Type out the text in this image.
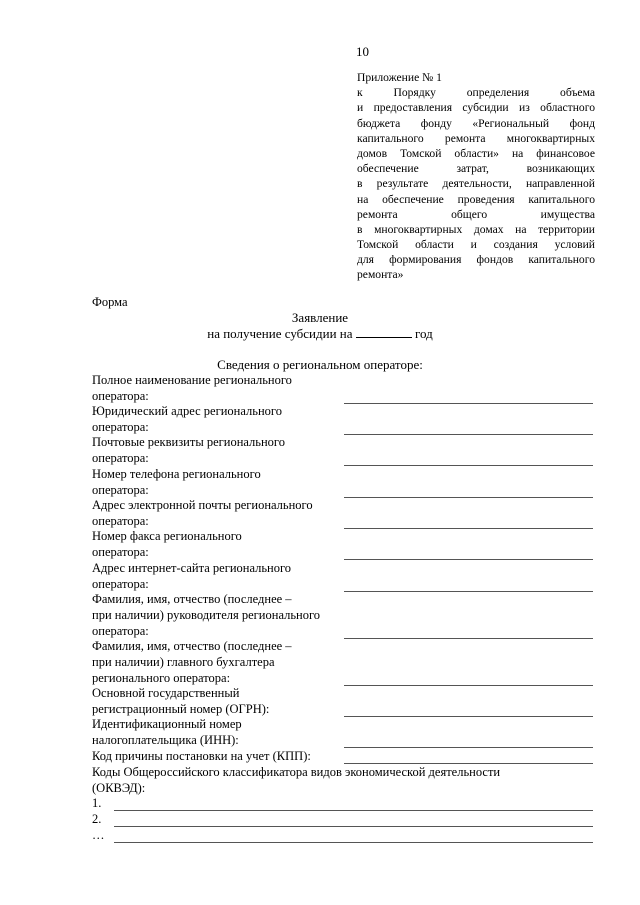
10
Приложение № 1
к Порядку определения объема
и предоставления субсидии из областного
бюджета фонду «Региональный фонд
капитального ремонта многоквартирных
домов Томской области» на финансовое
обеспечение затрат, возникающих
в результате деятельности, направленной
на обеспечение проведения капитального
ремонта общего имущества
в многоквартирных домах на территории
Томской области и создания условий
для формирования фондов капитального
ремонта»
Форма
Заявление
на получение субсидии на	год
Сведения о региональном операторе:
Полное наименование регионального
оператора:
Юридический адрес регионального
оператора:
Почтовые реквизиты регионального
оператора:
Номер телефона регионального
оператора:
Адрес электронной почты регионального
оператора:
Номер факса регионального
оператора:
Адрес интернет-сайта регионального
оператора:
Фамилия, имя, отчество (последнее –
при наличии) руководителя регионального
оператора:
Фамилия, имя, отчество (последнее –
при наличии) главного бухгалтера
регионального оператора:
Основной государственный
регистрационный номер (ОГРН):
Идентификационный номер
налогоплательщика (ИНН):
Код причины постановки на учет (КПП):
Коды Общероссийского классификатора видов экономической деятельности
(ОКВЭД):
1.
2.
…
